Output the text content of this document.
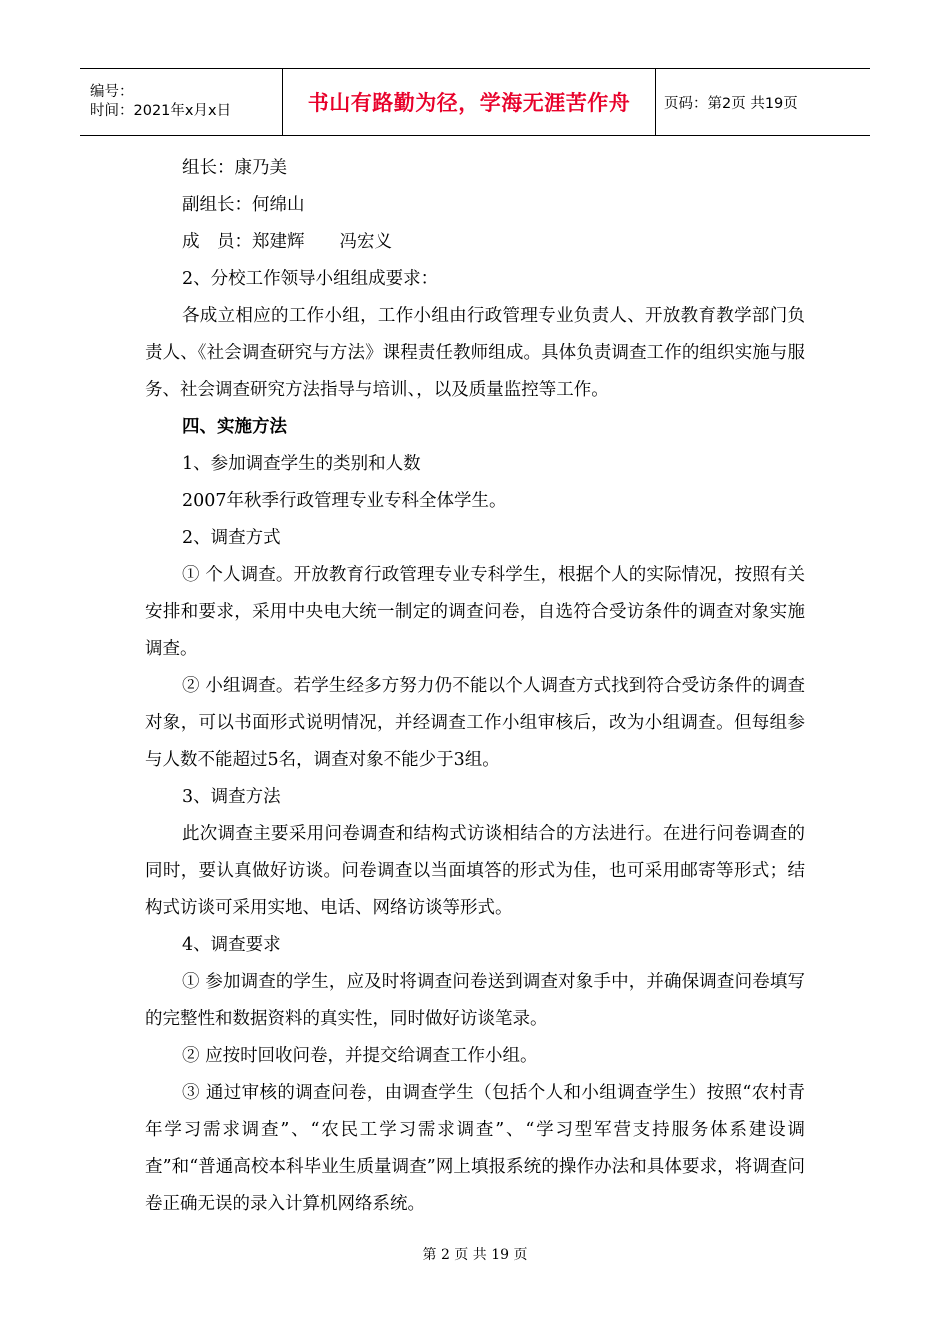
编号：
时间：2021年x月x日	书山有路勤为径，学海无涯苦作舟 页码：第2页 共19页

组长：康乃美

副组长：何绵山

成　员：郑建辉　　冯宏义

2、分校工作领导小组组成要求：

各成立相应的工作小组，工作小组由行政管理专业负责人、开放教育教学部门负责人、《社会调查研究与方法》课程责任教师组成。具体负责调查工作的组织实施与服务、社会调查研究方法指导与培训、，以及质量监控等工作。

四、实施方法

1、参加调查学生的类别和人数

2007年秋季行政管理专业专科全体学生。

2、调查方式

① 个人调查。开放教育行政管理专业专科学生，根据个人的实际情况，按照有关安排和要求，采用中央电大统一制定的调查问卷，自选符合受访条件的调查对象实施调查。

② 小组调查。若学生经多方努力仍不能以个人调查方式找到符合受访条件的调查对象，可以书面形式说明情况，并经调查工作小组审核后，改为小组调查。但每组参与人数不能超过5名，调查对象不能少于3组。

3、调查方法

此次调查主要采用问卷调查和结构式访谈相结合的方法进行。在进行问卷调查的同时，要认真做好访谈。问卷调查以当面填答的形式为佳，也可采用邮寄等形式；结构式访谈可采用实地、电话、网络访谈等形式。

4、调查要求

① 参加调查的学生，应及时将调查问卷送到调查对象手中，并确保调查问卷填写的完整性和数据资料的真实性，同时做好访谈笔录。

② 应按时回收问卷，并提交给调查工作小组。

③ 通过审核的调查问卷，由调查学生（包括个人和小组调查学生）按照“农村青年学习需求调查”、“农民工学习需求调查”、“学习型军营支持服务体系建设调查”和“普通高校本科毕业生质量调查”网上填报系统的操作办法和具体要求，将调查问卷正确无误的录入计算机网络系统。

第 2 页 共 19 页
